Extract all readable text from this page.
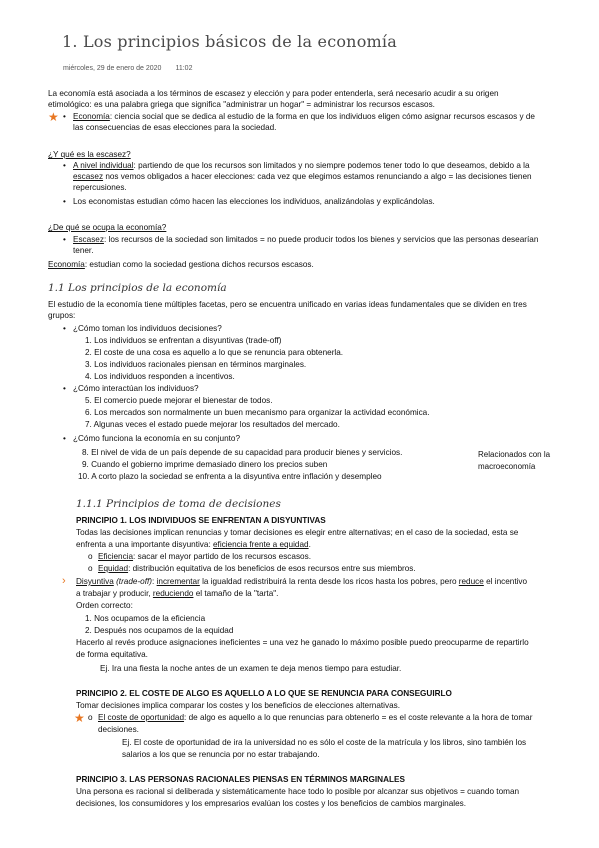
1. Los principios básicos de la economía
miércoles, 29 de enero de 2020 11:02
La economía está asociada a los términos de escasez y elección y para poder entenderla, será necesario acudir a su origen
etimológico: es una palabra griega que significa "administrar un hogar" = administrar los recursos escasos.
★ • Economía: ciencia social que se dedica al estudio de la forma en que los individuos eligen cómo asignar recursos escasos y de
las consecuencias de esas elecciones para la sociedad.
¿Y qué es la escasez?
• A nivel individual: partiendo de que los recursos son limitados y no siempre podemos tener todo lo que deseamos, debido a la
escasez nos vemos obligados a hacer elecciones: cada vez que elegimos estamos renunciando a algo = las decisiones tienen
repercusiones.
• Los economistas estudian cómo hacen las elecciones los individuos, analizándolas y explicándolas.
¿De qué se ocupa la economía?
• Escasez: los recursos de la sociedad son limitados = no puede producir todos los bienes y servicios que las personas desearían
tener.
Economía: estudian como la sociedad gestiona dichos recursos escasos.
1.1 Los principios de la economía
El estudio de la economía tiene múltiples facetas, pero se encuentra unificado en varias ideas fundamentales que se dividen en tres
grupos:
• ¿Cómo toman los individuos decisiones?
1. Los individuos se enfrentan a disyuntivas (trade-off)
2. El coste de una cosa es aquello a lo que se renuncia para obtenerla.
3. Los individuos racionales piensan en términos marginales.
4. Los individuos responden a incentivos.
• ¿Cómo interactúan los individuos?
5. El comercio puede mejorar el bienestar de todos.
6. Los mercados son normalmente un buen mecanismo para organizar la actividad económica.
7. Algunas veces el estado puede mejorar los resultados del mercado.
• ¿Cómo funciona la economía en su conjunto?
8. El nivel de vida de un país depende de su capacidad para producir bienes y servicios.
9. Cuando el gobierno imprime demasiado dinero los precios suben
10. A corto plazo la sociedad se enfrenta a la disyuntiva entre inflación y desempleo
Relacionados con la
macroeconomía
1.1.1 Principios de toma de decisiones
PRINCIPIO 1. LOS INDIVIDUOS SE ENFRENTAN A DISYUNTIVAS
Todas las decisiones implican renuncias y tomar decisiones es elegir entre alternativas; en el caso de la sociedad, esta se
enfrenta a una importante disyuntiva: eficiencia frente a equidad.
o Eficiencia: sacar el mayor partido de los recursos escasos.
o Equidad: distribución equitativa de los beneficios de esos recursos entre sus miembros.
› Disyuntiva (trade-off): incrementar la igualdad redistribuirá la renta desde los ricos hasta los pobres, pero reduce el incentivo
a trabajar y producir, reduciendo el tamaño de la "tarta".
Orden correcto:
1. Nos ocupamos de la eficiencia
2. Después nos ocupamos de la equidad
Hacerlo al revés produce asignaciones ineficientes = una vez he ganado lo máximo posible puedo preocuparme de repartirlo
de forma equitativa.
Ej. Ira una fiesta la noche antes de un examen te deja menos tiempo para estudiar.
PRINCIPIO 2. EL COSTE DE ALGO ES AQUELLO A LO QUE SE RENUNCIA PARA CONSEGUIRLO
Tomar decisiones implica comparar los costes y los beneficios de elecciones alternativas.
★ o El coste de oportunidad: de algo es aquello a lo que renuncias para obtenerlo = es el coste relevante a la hora de tomar
decisiones.
Ej. El coste de oportunidad de ira la universidad no es sólo el coste de la matrícula y los libros, sino también los
salarios a los que se renuncia por no estar trabajando.
PRINCIPIO 3. LAS PERSONAS RACIONALES PIENSAS EN TÉRMINOS MARGINALES
Una persona es racional si deliberada y sistemáticamente hace todo lo posible por alcanzar sus objetivos = cuando toman
decisiones, los consumidores y los empresarios evalúan los costes y los beneficios de cambios marginales.
